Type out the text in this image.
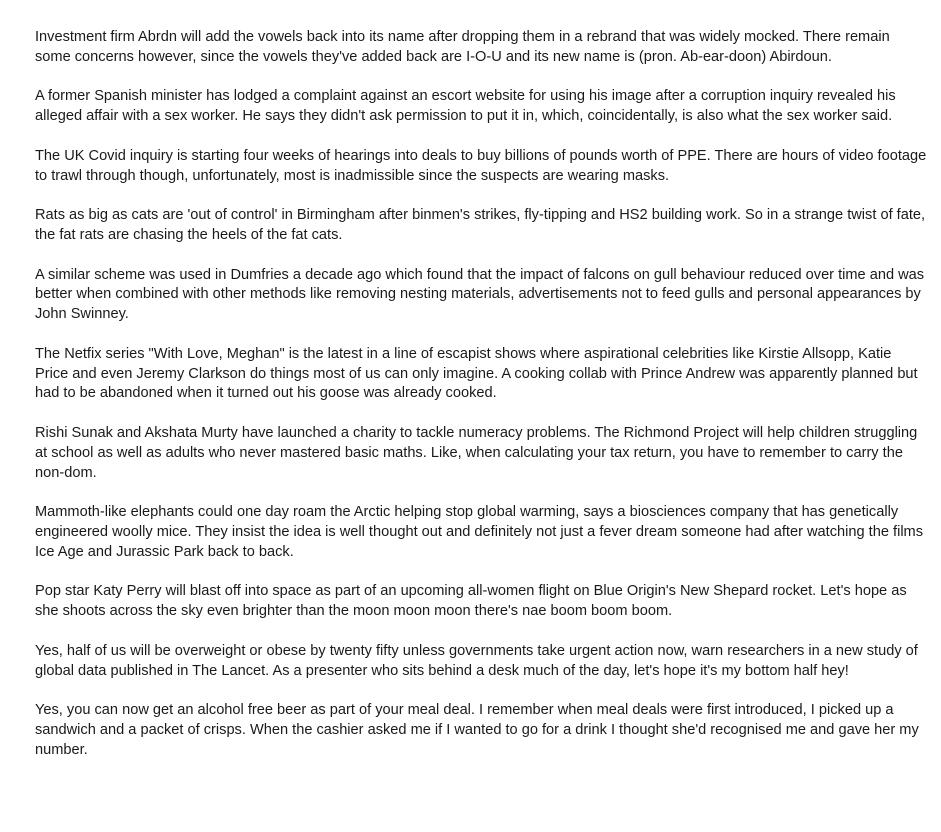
Investment firm Abrdn will add the vowels back into its name after dropping them in a rebrand that was widely mocked. There remain some concerns however, since the vowels they've added back are I-O-U and its new name is (pron. Ab-ear-doon) Abirdoun.

A former Spanish minister has lodged a complaint against an escort website for using his image after a corruption inquiry revealed his alleged affair with a sex worker. He says they didn't ask permission to put it in, which, coincidentally, is also what the sex worker said.

The UK Covid inquiry is starting four weeks of hearings into deals to buy billions of pounds worth of PPE. There are hours of video footage to trawl through though, unfortunately, most is inadmissible since the suspects are wearing masks.

Rats as big as cats are 'out of control' in Birmingham after binmen's strikes, fly-tipping and HS2 building work. So in a strange twist of fate, the fat rats are chasing the heels of the fat cats.

A similar scheme was used in Dumfries a decade ago which found that the impact of falcons on gull behaviour reduced over time and was better when combined with other methods like removing nesting materials, advertisements not to feed gulls and personal appearances by John Swinney.

The Netfix series "With Love, Meghan" is the latest in a line of escapist shows where aspirational celebrities like Kirstie Allsopp, Katie Price and even Jeremy Clarkson do things most of us can only imagine. A cooking collab with Prince Andrew was apparently planned but had to be abandoned when it turned out his goose was already cooked.

Rishi Sunak and Akshata Murty have launched a charity to tackle numeracy problems. The Richmond Project will help children struggling at school as well as adults who never mastered basic maths. Like, when calculating your tax return, you have to remember to carry the non-dom.

Mammoth-like elephants could one day roam the Arctic helping stop global warming, says a biosciences company that has genetically engineered woolly mice. They insist the idea is well thought out and definitely not just a fever dream someone had after watching the films Ice Age and Jurassic Park back to back.

Pop star Katy Perry will blast off into space as part of an upcoming all-women flight on Blue Origin's New Shepard rocket. Let's hope as she shoots across the sky even brighter than the moon moon moon there's nae boom boom boom.

Yes, half of us will be overweight or obese by twenty fifty unless governments take urgent action now, warn researchers in a new study of global data published in The Lancet. As a presenter who sits behind a desk much of the day, let's hope it's my bottom half hey!

Yes, you can now get an alcohol free beer as part of your meal deal. I remember when meal deals were first introduced, I picked up a sandwich and a packet of crisps. When the cashier asked me if I wanted to go for a drink I thought she'd recognised me and gave her my number.
